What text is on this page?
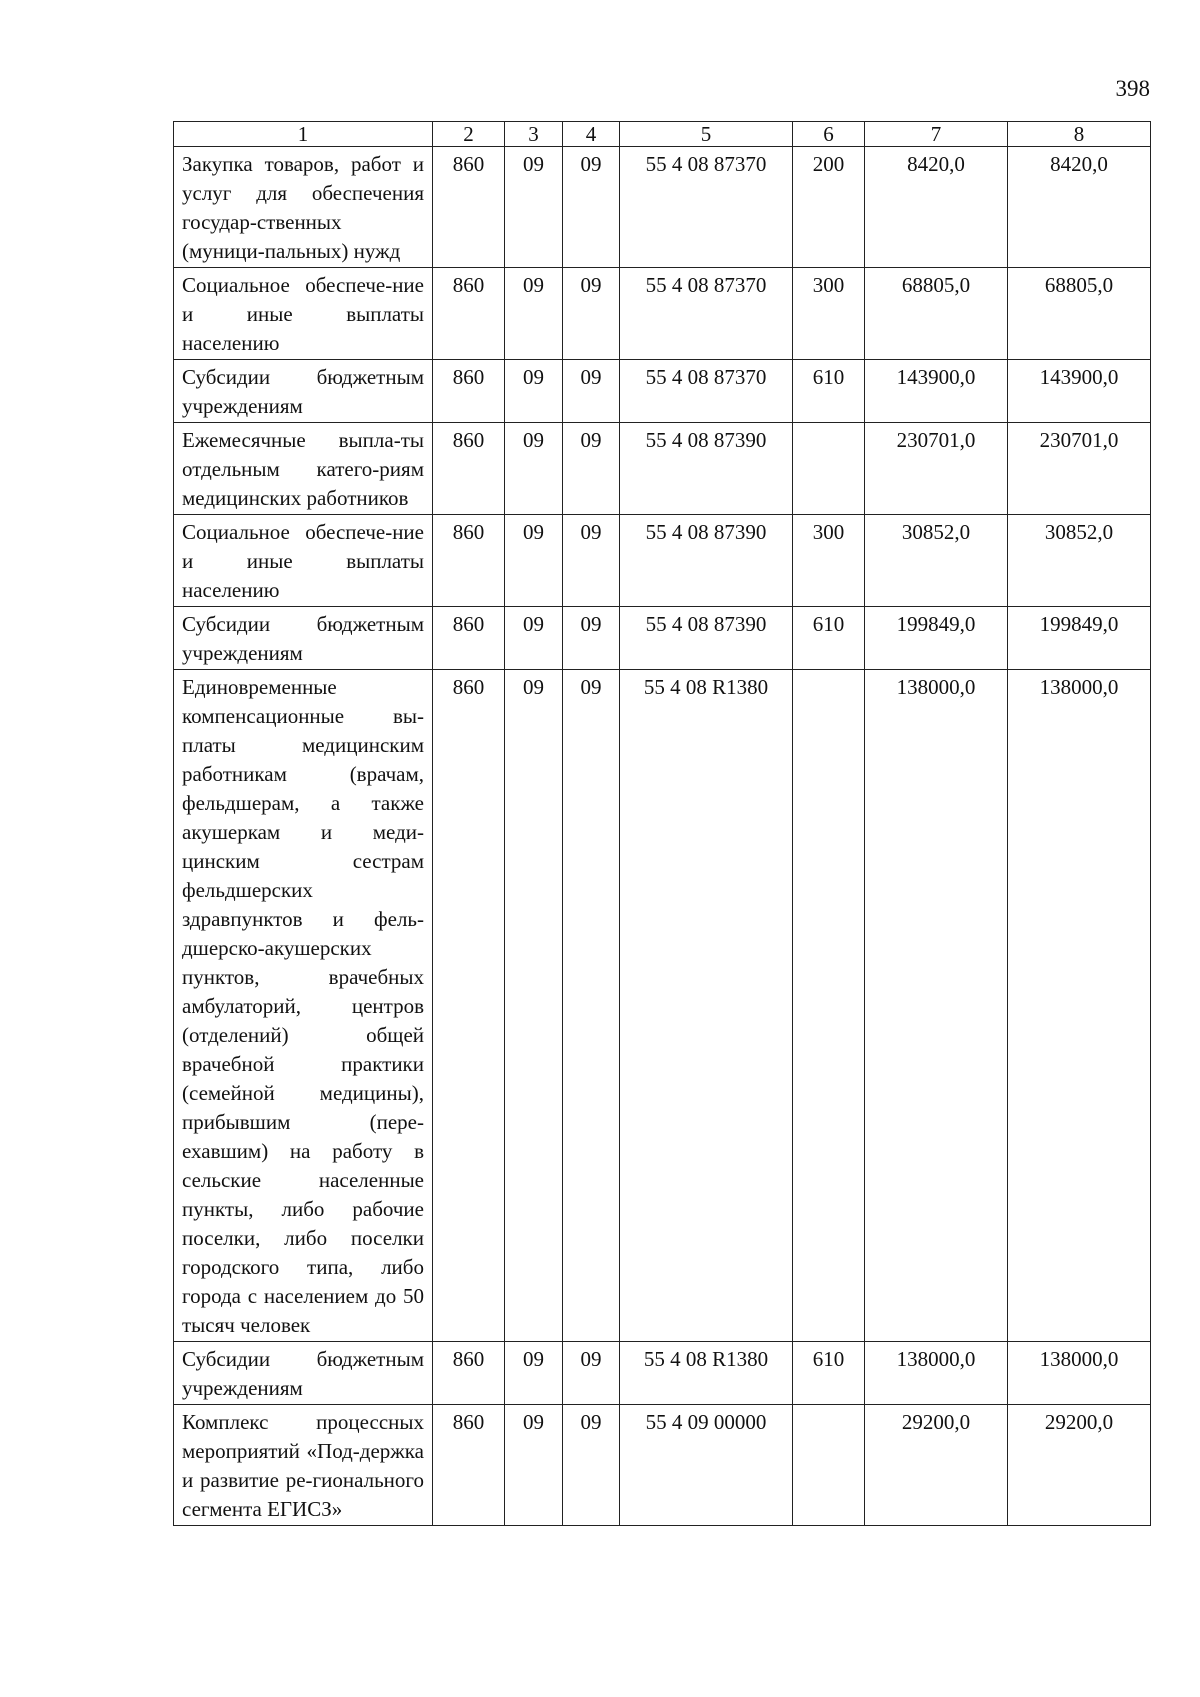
398
1	2	3	4	5	6	7	8
Закупка товаров, работ и услуг для обеспечения государ-ственных (муници-пальных) нужд	860	09	09	55 4 08 87370	200	8420,0	8420,0
Социальное обеспече-ние и иные выплаты населению	860	09	09	55 4 08 87370	300	68805,0	68805,0
Субсидии бюджетным учреждениям	860	09	09	55 4 08 87370	610	143900,0	143900,0
Ежемесячные выпла-ты отдельным катего-риям медицинских работников	860	09	09	55 4 08 87390		230701,0	230701,0
Социальное обеспече-ние и иные выплаты населению	860	09	09	55 4 08 87390	300	30852,0	30852,0
Субсидии бюджетным учреждениям	860	09	09	55 4 08 87390	610	199849,0	199849,0
Единовременные компенсационные вы-платы медицинским работникам (врачам, фельдшерам, а также акушеркам и меди-цинским сестрам фельдшерских здравпунктов и фель-дшерско-акушерских пунктов, врачебных амбулаторий, центров (отделений) общей врачебной практики (семейной медицины), прибывшим (пере-ехавшим) на работу в сельские населенные пункты, либо рабочие поселки, либо поселки городского типа, либо города с населением до 50 тысяч человек	860	09	09	55 4 08 R1380		138000,0	138000,0
Субсидии бюджетным учреждениям	860	09	09	55 4 08 R1380	610	138000,0	138000,0
Комплекс процессных мероприятий «Под-держка и развитие ре-гионального сегмента ЕГИСЗ»	860	09	09	55 4 09 00000		29200,0	29200,0
